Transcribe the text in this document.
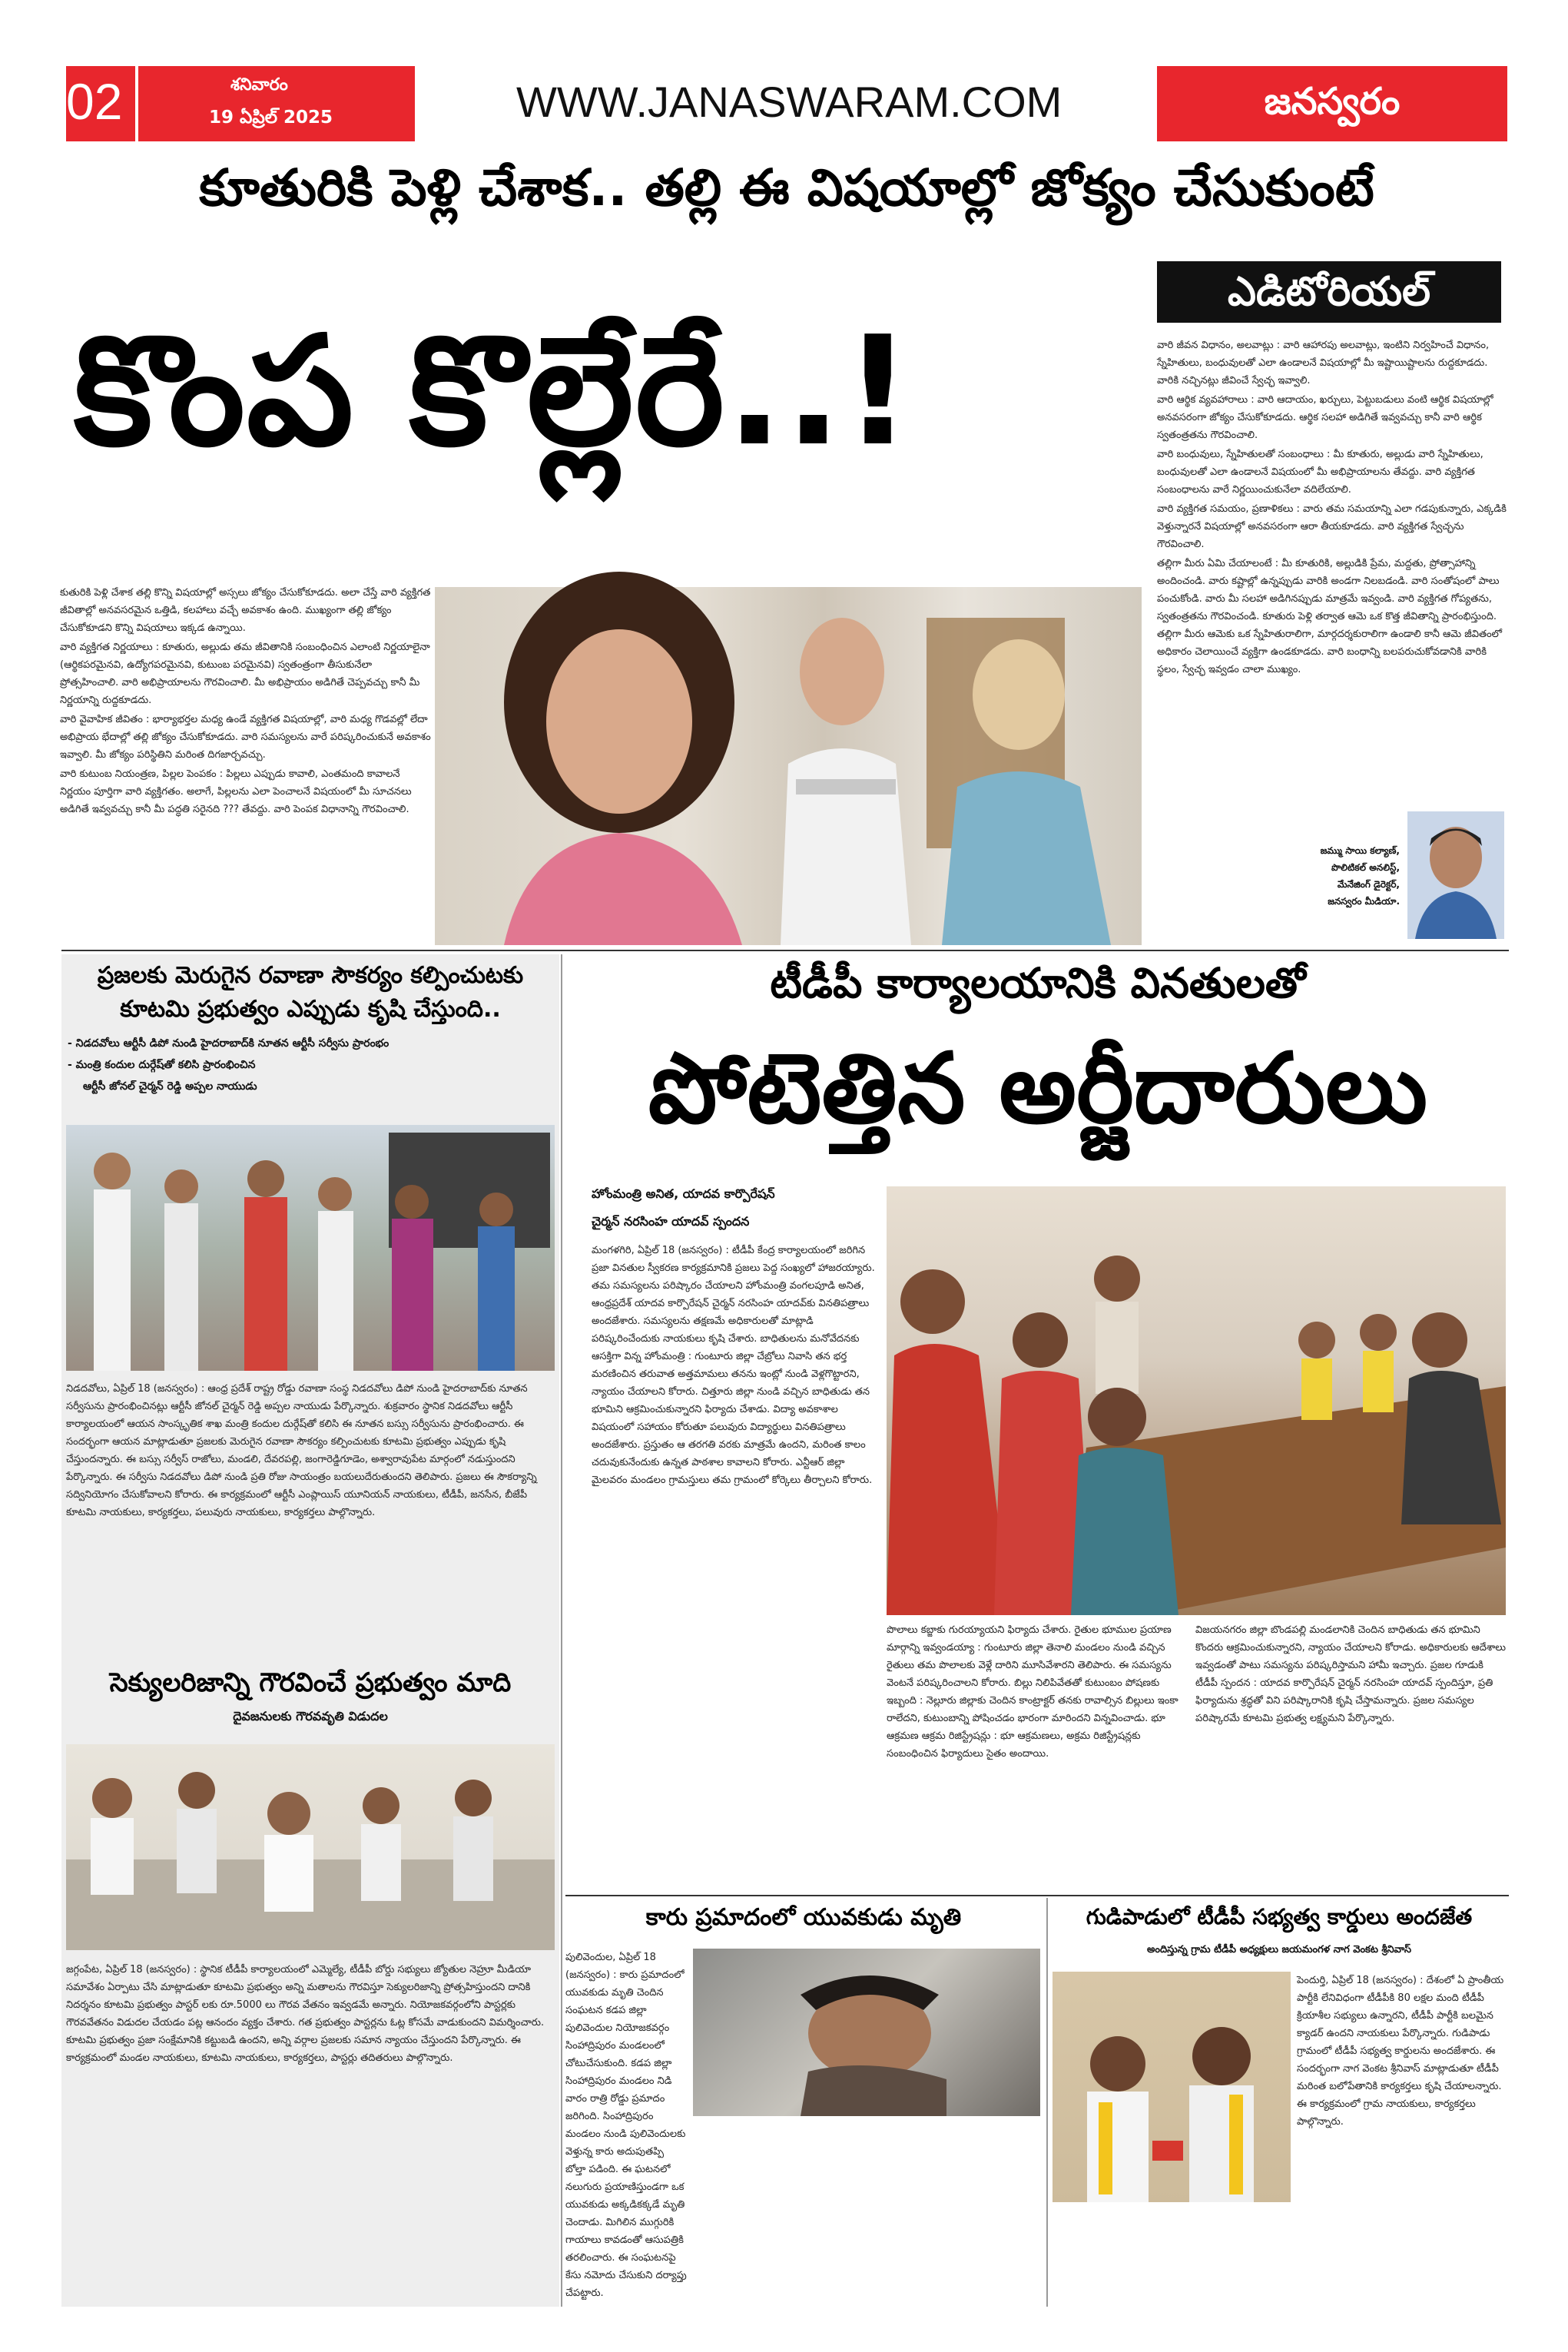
02	శనివారం
19 ఏప్రిల్ 2025	WWW.JANASWARAM.COM	జనస్వరం
కూతురికి పెళ్లి చేశాక.. తల్లి ఈ విషయాల్లో జోక్యం చేసుకుంటే
కొంప కొల్లేరే..!

కుతురికి పెళ్లి చేశాక తల్లి కొన్ని విషయాల్లో అస్సలు జోక్యం చేసుకోకూడదు. అలా చేస్తే వారి వ్యక్తిగత జీవితాల్లో అనవసరమైన ఒత్తిడి, కలహాలు వచ్చే అవకాశం ఉంది. ముఖ్యంగా తల్లి జోక్యం చేసుకోకూడని కొన్ని విషయాలు ఇక్కడ ఉన్నాయి.

వారి వ్యక్తిగత నిర్ణయాలు : కూతురు, అల్లుడు తమ జీవితానికి సంబంధించిన ఎలాంటి నిర్ణయాలైనా (ఆర్థికపరమైనవి, ఉద్యోగపరమైనవి, కుటుంబ పరమైనవి) స్వతంత్రంగా తీసుకునేలా ప్రోత్సహించాలి. వారి అభిప్రాయాలను గౌరవించాలి. మీ అభిప్రాయం అడిగితే చెప్పవచ్చు కానీ మీ నిర్ణయాన్ని రుద్దకూడదు.

వారి వైవాహిక జీవితం : భార్యాభర్తల మధ్య ఉండే వ్యక్తిగత విషయాల్లో, వారి మధ్య గొడవల్లో లేదా అభిప్రాయ భేదాల్లో తల్లి జోక్యం చేసుకోకూడదు. వారి సమస్యలను వారే పరిష్కరించుకునే అవకాశం ఇవ్వాలి. మీ జోక్యం పరిస్థితిని మరింత దిగజార్చవచ్చు.

వారి కుటుంబ నియంత్రణ, పిల్లల పెంపకం : పిల్లలు ఎప్పుడు కావాలి, ఎంతమంది కావాలనే నిర్ణయం పూర్తిగా వారి వ్యక్తిగతం. అలాగే, పిల్లలను ఎలా పెంచాలనే విషయంలో మీ సూచనలు అడిగితే ఇవ్వవచ్చు కానీ మీ పద్ధతి సరైనది ??? తేవద్దు. వారి పెంపక విధానాన్ని గౌరవించాలి.

ఎడిటోరియల్

వారి జీవన విధానం, అలవాట్లు : వారి ఆహారపు అలవాట్లు, ఇంటిని నిర్వహించే విధానం, స్నేహితులు, బంధువులతో ఎలా ఉండాలనే విషయాల్లో మీ ఇష్టాయిష్టాలను రుద్దకూడదు. వారికి నచ్చినట్లు జీవించే స్వేచ్ఛ ఇవ్వాలి.

వారి ఆర్థిక వ్యవహారాలు : వారి ఆదాయం, ఖర్చులు, పెట్టుబడులు వంటి ఆర్థిక విషయాల్లో అనవసరంగా జోక్యం చేసుకోకూడదు. ఆర్థిక సలహా అడిగితే ఇవ్వవచ్చు కానీ వారి ఆర్థిక స్వతంత్రతను గౌరవించాలి.

వారి బంధువులు, స్నేహితులతో సంబంధాలు : మీ కూతురు, అల్లుడు వారి స్నేహితులు, బంధువులతో ఎలా ఉండాలనే విషయంలో మీ అభిప్రాయాలను తేవద్దు. వారి వ్యక్తిగత సంబంధాలను వారే నిర్ణయించుకునేలా వదిలేయాలి.

వారి వ్యక్తిగత సమయం, ప్రణాళికలు : వారు తమ సమయాన్ని ఎలా గడపుకున్నారు, ఎక్కడికి వెళ్తున్నారనే విషయాల్లో అనవసరంగా ఆరా తీయకూడదు. వారి వ్యక్తిగత స్వేచ్ఛను గౌరవించాలి.

తల్లిగా మీరు ఏమి చేయాలంటే : మీ కూతురికి, అల్లుడికి ప్రేమ, మద్దతు, ప్రోత్సాహాన్ని అందించండి. వారు కష్టాల్లో ఉన్నప్పుడు వారికి అండగా నిలబడండి. వారి సంతోషంలో పాలు పంచుకోండి. వారు మీ సలహా అడిగినప్పుడు మాత్రమే ఇవ్వండి. వారి వ్యక్తిగత గోప్యతను, స్వతంత్రతను గౌరవించండి. కూతురు పెళ్లి తర్వాత ఆమె ఒక కొత్త జీవితాన్ని ప్రారంభిస్తుంది. తల్లిగా మీరు ఆమెకు ఒక స్నేహితురాలిగా, మార్గదర్శకురాలిగా ఉండాలి కానీ ఆమె జీవితంలో అధికారం చెలాయించే వ్యక్తిగా ఉండకూడదు. వారి బంధాన్ని బలపరుచుకోవడానికి వారికి స్థలం, స్వేచ్ఛ ఇవ్వడం చాలా ముఖ్యం.

జమ్ము సాయి కల్యాణ్,
పొలిటికల్ అనలిస్ట్,
మేనేజింగ్ డైరెక్టర్,
జనస్వరం మీడియా.
ప్రజలకు మెరుగైన రవాణా సౌకర్యం కల్పించుటకు
కూటమి ప్రభుత్వం ఎప్పుడు కృషి చేస్తుంది..
- నిడదవోలు ఆర్టీసీ డిపో నుండి హైదరాబాద్‌కి నూతన ఆర్టీసీ సర్వీసు ప్రారంభం
- మంత్రి కందుల దుర్గేష్‌తో కలిసి ప్రారంభించిన
ఆర్టీసీ జోనల్ చైర్మన్ రెడ్డి అప్పల నాయుడు
నిడదవోలు, ఏప్రిల్ 18 (జనస్వరం) : ఆంధ్ర ప్రదేశ్ రాష్ట్ర రోడ్డు రవాణా సంస్థ నిడదవోలు డిపో నుండి హైదరాబాద్‌కు నూతన సర్వీసును ప్రారంభించినట్లు ఆర్టీసీ జోనల్ చైర్మన్ రెడ్డి అప్పల నాయుడు పేర్కొన్నారు. శుక్రవారం స్థానిక నిడదవోలు ఆర్టీసీ కార్యాలయంలో ఆయన సాంస్కృతిక శాఖ మంత్రి కందుల దుర్గేష్‌తో కలిసి ఈ నూతన బస్సు సర్వీసును ప్రారంభించారు. ఈ సందర్భంగా ఆయన మాట్లాడుతూ ప్రజలకు మెరుగైన రవాణా సౌకర్యం కల్పించుటకు కూటమి ప్రభుత్వం ఎప్పుడు కృషి చేస్తుందన్నారు. ఈ బస్సు సర్వీస్ రాజోలు, మండలి, దేవరపల్లి, జంగారెడ్డిగూడెం, అశ్వారావుపేట మార్గంలో నడుస్తుందని పేర్కొన్నారు. ఈ సర్వీసు నిడదవోలు డిపో నుండి ప్రతి రోజు సాయంత్రం బయలుదేరుతుందని తెలిపారు. ప్రజలు ఈ సౌకర్యాన్ని సద్వినియోగం చేసుకోవాలని కోరారు. ఈ కార్యక్రమంలో ఆర్టీసీ ఎంప్లాయిస్ యూనియన్ నాయకులు, టీడీపీ, జనసేన, బీజేపీ కూటమి నాయకులు, కార్యకర్తలు, పలువురు నాయకులు, కార్యకర్తలు పాల్గొన్నారు.
సెక్యులరిజాన్ని గౌరవించే ప్రభుత్వం మాది
దైవజనులకు గౌరవవృతి విడుదల
జగ్గంపేట, ఏప్రిల్ 18 (జనస్వరం) : స్థానిక టీడీపీ కార్యాలయంలో ఎమ్మెల్యే, టీడీపీ బోర్డు సభ్యులు జ్యోతుల నెహ్రూ మీడియా సమావేశం ఏర్పాటు చేసి మాట్లాడుతూ కూటమి ప్రభుత్వం అన్ని మతాలను గౌరవిస్తూ సెక్యులరిజాన్ని ప్రోత్సహిస్తుందని దానికి నిదర్శనం కూటమి ప్రభుత్వం పాస్టర్ లకు రూ.5000 లు గౌరవ వేతనం ఇవ్వడమే అన్నారు. నియోజకవర్గంలోని పాస్టర్లకు గౌరవవేతనం విడుదల చేయడం పట్ల ఆనందం వ్యక్తం చేశారు. గత ప్రభుత్వం పాస్టర్లను ఓట్ల కోసమే వాడుకుందని విమర్శించారు. కూటమి ప్రభుత్వం ప్రజా సంక్షేమానికి కట్టుబడి ఉందని, అన్ని వర్గాల ప్రజలకు సమాన న్యాయం చేస్తుందని పేర్కొన్నారు. ఈ కార్యక్రమంలో మండల నాయకులు, కూటమి నాయకులు, కార్యకర్తలు, పాస్టర్లు తదితరులు పాల్గొన్నారు.
టీడీపీ కార్యాలయానికి వినతులతో
పోటెత్తిన అర్జీదారులు
హోంమంత్రి అనిత, యాదవ కార్పొరేషన్
చైర్మన్ నరసింహ యాదవ్ స్పందన
మంగళగిరి, ఏప్రిల్ 18 (జనస్వరం) : టీడీపీ కేంద్ర కార్యాలయంలో జరిగిన ప్రజా వినతుల స్వీకరణ కార్యక్రమానికి ప్రజలు పెద్ద సంఖ్యలో హాజరయ్యారు. తమ సమస్యలను పరిష్కారం చేయాలని హోంమంత్రి వంగలపూడి అనిత, ఆంధ్రప్రదేశ్ యాదవ కార్పొరేషన్ చైర్మన్ నరసింహ యాదవ్‌కు వినతిపత్రాలు అందజేశారు. సమస్యలను తక్షణమే అధికారులతో మాట్లాడి పరిష్కరించేందుకు నాయకులు కృషి చేశారు. బాధితులను మనోవేదనకు ఆసక్తిగా విన్న హోంమంత్రి : గుంటూరు జిల్లా చేబ్రోలు నివాసి తన భర్త మరణించిన తరువాత అత్తమామలు తనను ఇంట్లో నుండి వెళ్లగొట్టారని, న్యాయం చేయాలని కోరారు. చిత్తూరు జిల్లా నుండి వచ్చిన బాధితుడు తన భూమిని ఆక్రమించుకున్నారని ఫిర్యాదు చేశాడు. విద్యా అవకాశాల విషయంలో సహాయం కోరుతూ పలువురు విద్యార్థులు వినతిపత్రాలు అందజేశారు. ప్రస్తుతం ఆ తరగతి వరకు మాత్రమే ఉందని, మరింత కాలం చదువుకునేందుకు ఉన్నత పాఠశాల కావాలని కోరారు. ఎన్టీఆర్ జిల్లా మైలవరం మండలం గ్రామస్తులు తమ గ్రామంలో కోర్కెలు తీర్చాలని కోరారు.
పొలాలు కబ్జాకు గురయ్యాయని ఫిర్యాదు చేశారు. రైతుల భూముల ప్రయాణ మార్గాన్ని ఇవ్వండయ్యా : గుంటూరు జిల్లా తెనాలి మండలం నుండి వచ్చిన రైతులు తమ పొలాలకు వెళ్లే దారిని మూసివేశారని తెలిపారు. ఈ సమస్యను వెంటనే పరిష్కరించాలని కోరారు. బిల్లు నిలిపివేతతో కుటుంబం పోషణకు ఇబ్బంది : నెల్లూరు జిల్లాకు చెందిన కాంట్రాక్టర్ తనకు రావాల్సిన బిల్లులు ఇంకా రాలేదని, కుటుంబాన్ని పోషించడం భారంగా మారిందని విన్నవించాడు. భూ ఆక్రమణ ఆక్రమ రిజిస్ట్రేషన్లు : భూ ఆక్రమణలు, అక్రమ రిజిస్ట్రేషన్లకు సంబంధించిన ఫిర్యాదులు సైతం అందాయి.
విజయనగరం జిల్లా బొండపల్లి మండలానికి చెందిన బాధితుడు తన భూమిని కొందరు ఆక్రమించుకున్నారని, న్యాయం చేయాలని కోరాడు. అధికారులకు ఆదేశాలు ఇవ్వడంతో పాటు సమస్యను పరిష్కరిస్తామని హామీ ఇచ్చారు. ప్రజల గూడుకి టీడీపీ స్పందన : యాదవ కార్పొరేషన్ చైర్మన్ నరసింహ యాదవ్ స్పందిస్తూ, ప్రతి ఫిర్యాదును శ్రద్ధతో విని పరిష్కారానికి కృషి చేస్తామన్నారు. ప్రజల సమస్యల పరిష్కారమే కూటమి ప్రభుత్వ లక్ష్యమని పేర్కొన్నారు.
కారు ప్రమాదంలో యువకుడు మృతి
పులివెందుల, ఏప్రిల్ 18 (జనస్వరం) : కారు ప్రమాదంలో యువకుడు మృతి చెందిన సంఘటన కడప జిల్లా పులివెందుల నియోజకవర్గం సింహాద్రిపురం మండలంలో చోటుచేసుకుంది. కడప జిల్లా సింహాద్రిపురం మండలం నిడి వారం రాత్రి రోడ్డు ప్రమాదం జరిగింది. సింహాద్రిపురం మండలం నుండి పులివెందులకు వెళ్తున్న కారు అదుపుతప్పి బోల్తా పడింది. ఈ ఘటనలో నలుగురు ప్రయాణిస్తుండగా ఒక యువకుడు అక్కడికక్కడే మృతి చెందాడు. మిగిలిన ముగ్గురికి గాయాలు కావడంతో ఆసుపత్రికి తరలించారు. ఈ సంఘటనపై కేసు నమోదు చేసుకుని దర్యాప్తు చేపట్టారు.
గుడిపాడులో టీడీపీ సభ్యత్వ కార్డులు అందజేత
అందిస్తున్న గ్రామ టీడీపీ అధ్యక్షులు జయమంగళ నాగ వెంకట శ్రీనివాస్
పెందుర్తి, ఏప్రిల్ 18 (జనస్వరం) : దేశంలో ఏ ప్రాంతీయ పార్టీకి లేనివిధంగా టీడీపీకి 80 లక్షల మంది టీడీపీ క్రియాశీల సభ్యులు ఉన్నారని, టీడీపీ పార్టీకి బలమైన క్యాడర్ ఉందని నాయకులు పేర్కొన్నారు. గుడిపాడు గ్రామంలో టీడీపీ సభ్యత్వ కార్డులను అందజేశారు. ఈ సందర్భంగా నాగ వెంకట శ్రీనివాస్ మాట్లాడుతూ టీడీపీ మరింత బలోపేతానికి కార్యకర్తలు కృషి చేయాలన్నారు. ఈ కార్యక్రమంలో గ్రామ నాయకులు, కార్యకర్తలు పాల్గొన్నారు.
